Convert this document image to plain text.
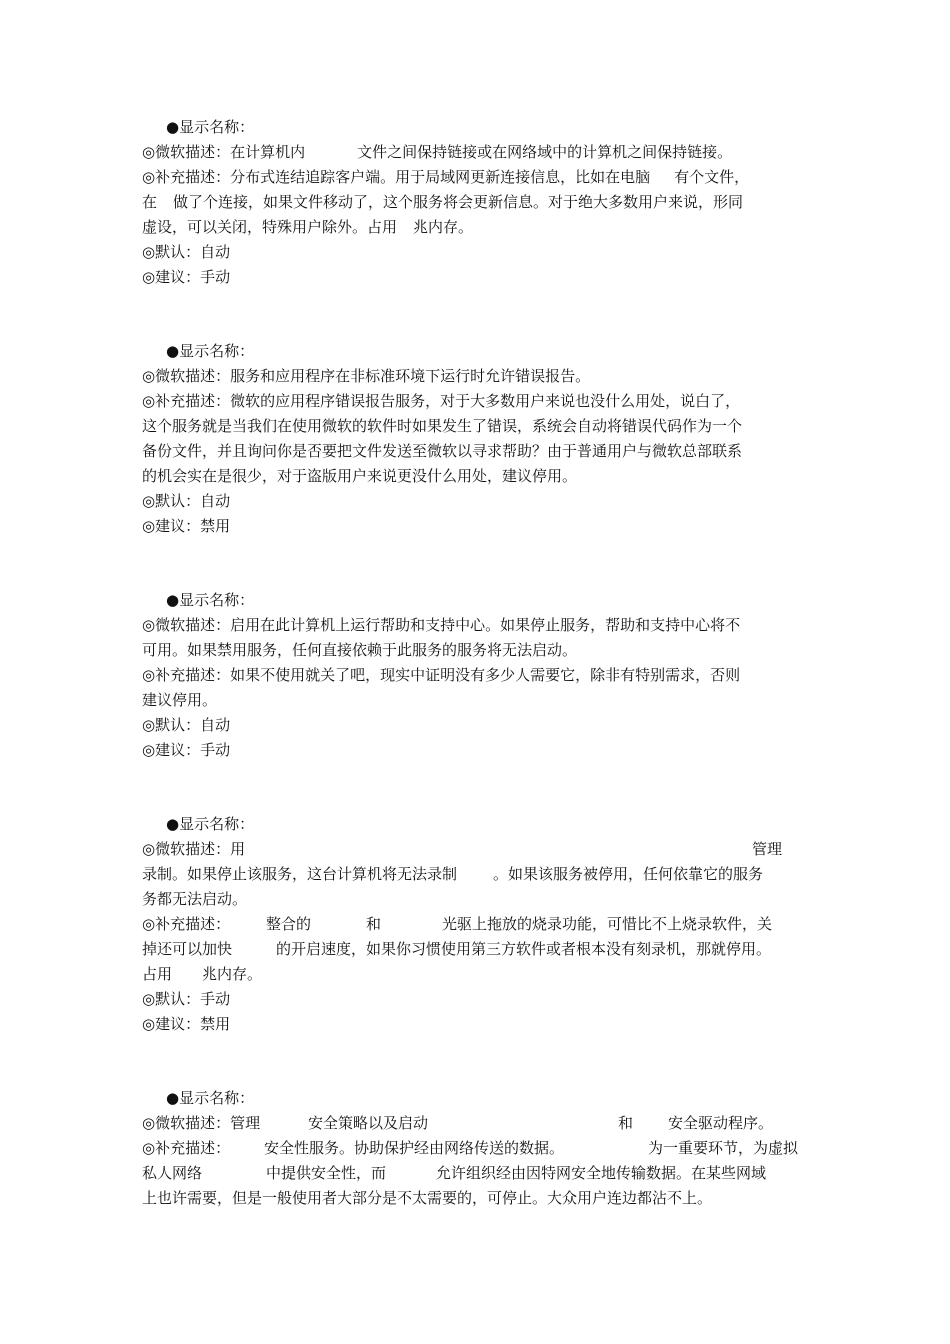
●显示名称：
◎微软描述：在计算机内	文件之间保持链接或在网络域中的计算机之间保持链接。
◎补充描述：分布式连结追踪客户端。用于局域网更新连接信息，比如在电脑 有个文件，
在 做了个连接，如果文件移动了，这个服务将会更新信息。对于绝大多数用户来说，形同
虚设，可以关闭，特殊用户除外。占用 兆内存。
◎默认：自动
◎建议：手动
●显示名称：
◎微软描述：服务和应用程序在非标准环境下运行时允许错误报告。
◎补充描述：微软的应用程序错误报告服务，对于大多数用户来说也没什么用处，说白了，
这个服务就是当我们在使用微软的软件时如果发生了错误，系统会自动将错误代码作为一个
备份文件，并且询问你是否要把文件发送至微软以寻求帮助？由于普通用户与微软总部联系
的机会实在是很少，对于盗版用户来说更没什么用处，建议停用。
◎默认：自动
◎建议：禁用
●显示名称：
◎微软描述：启用在此计算机上运行帮助和支持中心。如果停止服务，帮助和支持中心将不
可用。如果禁用服务，任何直接依赖于此服务的服务将无法启动。
◎补充描述：如果不使用就关了吧，现实中证明没有多少人需要它，除非有特别需求，否则
建议停用。
◎默认：自动
◎建议：手动
●显示名称：
◎微软描述：用	管理
录制。如果停止该服务，这台计算机将无法录制 。如果该服务被停用，任何依靠它的服务
务都无法启动。
◎补充描述： 整合的	和	光驱上拖放的烧录功能，可惜比不上烧录软件，关
掉还可以加快	的开启速度，如果你习惯使用第三方软件或者根本没有刻录机，那就停用。
占用 兆内存。
◎默认：手动
◎建议：禁用
●显示名称：
◎微软描述：管理	安全策略以及启动	和 安全驱动程序。
◎补充描述： 安全性服务。协助保护经由网络传送的数据。	为一重要环节，为虚拟
私人网络	中提供安全性，而	允许组织经由因特网安全地传输数据。在某些网域
上也许需要，但是一般使用者大部分是不太需要的，可停止。大众用户连边都沾不上。
